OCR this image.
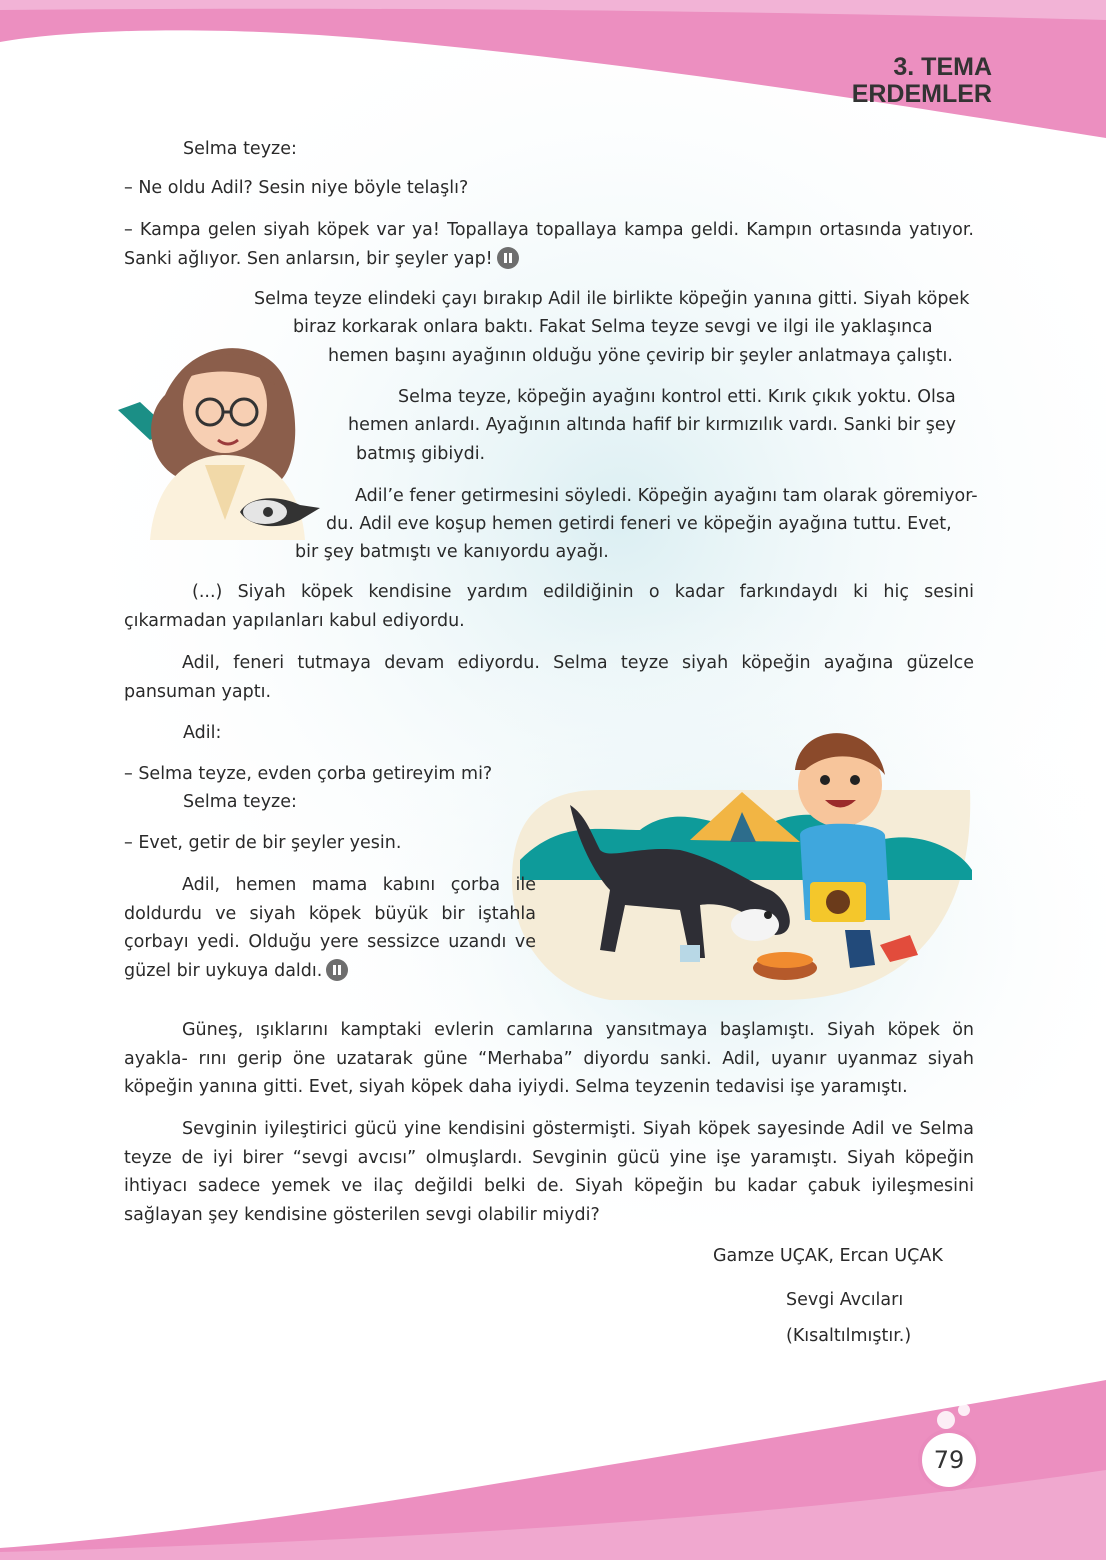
3. TEMA
ERDEMLER

Selma teyze:

– Ne oldu Adil? Sesin niye böyle telaşlı?

– Kampa gelen siyah köpek var ya! Topallaya topallaya kampa geldi. Kampın ortasında yatıyor. Sanki ağlıyor. Sen anlarsın, bir şeyler yap!

Selma teyze elindeki çayı bırakıp Adil ile birlikte köpeğin yanına gitti. Siyah köpek

biraz korkarak onlara baktı. Fakat Selma teyze sevgi ve ilgi ile yaklaşınca

hemen başını ayağının olduğu yöne çevirip bir şeyler anlatmaya çalıştı.

Selma teyze, köpeğin ayağını kontrol etti. Kırık çıkık yoktu. Olsa

hemen anlardı. Ayağının altında hafif bir kırmızılık vardı. Sanki bir şey

batmış gibiydi.

Adil’e fener getirmesini söyledi. Köpeğin ayağını tam olarak göremiyor-

du. Adil eve koşup hemen getirdi feneri ve köpeğin ayağına tuttu. Evet,

bir şey batmıştı ve kanıyordu ayağı.

(...) Siyah köpek kendisine yardım edildiğinin o kadar farkındaydı ki hiç sesini çıkarmadan yapılanları kabul ediyordu.

Adil, feneri tutmaya devam ediyordu. Selma teyze siyah köpeğin ayağına güzelce pansuman yaptı.

Adil:

– Selma teyze, evden çorba getireyim mi?

Selma teyze:

– Evet, getir de bir şeyler yesin.

Adil, hemen mama kabını çorba ile doldurdu ve siyah köpek büyük bir iştahla çorbayı yedi. Olduğu yere sessizce uzandı ve güzel bir uykuya daldı.

Güneş, ışıklarını kamptaki evlerin camlarına yansıtmaya başlamıştı. Siyah köpek ön ayakla- rını gerip öne uzatarak güne “Merhaba” diyordu sanki. Adil, uyanır uyanmaz siyah köpeğin yanına gitti. Evet, siyah köpek daha iyiydi. Selma teyzenin tedavisi işe yaramıştı.

Sevginin iyileştirici gücü yine kendisini göstermişti. Siyah köpek sayesinde Adil ve Selma teyze de iyi birer “sevgi avcısı” olmuşlardı. Sevginin gücü yine işe yaramıştı. Siyah köpeğin ihtiyacı sadece yemek ve ilaç değildi belki de. Siyah köpeğin bu kadar çabuk iyileşmesini sağlayan şey kendisine gösterilen sevgi olabilir miydi?

Gamze UÇAK, Ercan UÇAK

Sevgi Avcıları

(Kısaltılmıştır.)

79
